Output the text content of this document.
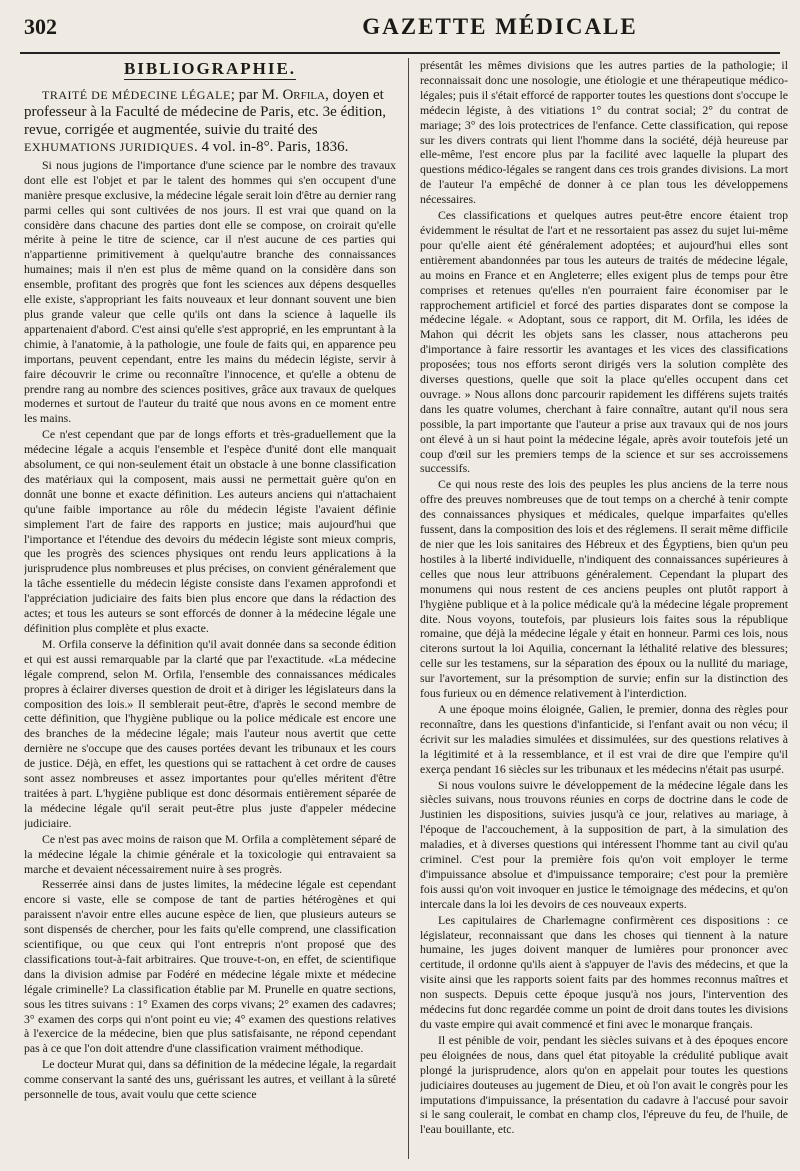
302	GAZETTE MÉDICALE
BIBLIOGRAPHIE.

TRAITÉ DE MÉDECINE LÉGALE; par M. Orfila, doyen et professeur à la Faculté de médecine de Paris, etc. 3e édition, revue, corrigée et augmentée, suivie du traité des EXHUMATIONS JURIDIQUES. 4 vol. in-8°. Paris, 1836.

Si nous jugions de l'importance d'une science par le nombre des travaux dont elle est l'objet et par le talent des hommes qui s'en occupent d'une manière presque exclusive, la médecine légale serait loin d'être au dernier rang parmi celles qui sont cultivées de nos jours. Il est vrai que quand on la considère dans chacune des parties dont elle se compose, on croirait qu'elle mérite à peine le titre de science, car il n'est aucune de ces parties qui n'appartienne primitivement à quelqu'autre branche des connaissances humaines; mais il n'en est plus de même quand on la considère dans son ensemble, profitant des progrès que font les sciences aux dépens desquelles elle existe, s'appropriant les faits nouveaux et leur donnant souvent une bien plus grande valeur que celle qu'ils ont dans la science à laquelle ils appartenaient d'abord. C'est ainsi qu'elle s'est approprié, en les empruntant à la chimie, à l'anatomie, à la pathologie, une foule de faits qui, en apparence peu importans, peuvent cependant, entre les mains du médecin légiste, servir à faire découvrir le crime ou reconnaître l'innocence, et qu'elle a obtenu de prendre rang au nombre des sciences positives, grâce aux travaux de quelques modernes et surtout de l'auteur du traité que nous avons en ce moment entre les mains.

Ce n'est cependant que par de longs efforts et très-graduellement que la médecine légale a acquis l'ensemble et l'espèce d'unité dont elle manquait absolument, ce qui non-seulement était un obstacle à une bonne classification des matériaux qui la composent, mais aussi ne permettait guère qu'on en donnât une bonne et exacte définition. Les auteurs anciens qui n'attachaient qu'une faible importance au rôle du médecin légiste l'avaient définie simplement l'art de faire des rapports en justice; mais aujourd'hui que l'importance et l'étendue des devoirs du médecin légiste sont mieux compris, que les progrès des sciences physiques ont rendu leurs applications à la jurisprudence plus nombreuses et plus précises, on convient généralement que la tâche essentielle du médecin légiste consiste dans l'examen approfondi et l'appréciation judiciaire des faits bien plus encore que dans la rédaction des actes; et tous les auteurs se sont efforcés de donner à la médecine légale une définition plus complète et plus exacte.

M. Orfila conserve la définition qu'il avait donnée dans sa seconde édition et qui est aussi remarquable par la clarté que par l'exactitude. «La médecine légale comprend, selon M. Orfila, l'ensemble des connaissances médicales propres à éclairer diverses question de droit et à diriger les législateurs dans la composition des lois.» Il semblerait peut-être, d'après le second membre de cette définition, que l'hygiène publique ou la police médicale est encore une des branches de la médecine légale; mais l'auteur nous avertit que cette dernière ne s'occupe que des causes portées devant les tribunaux et les cours de justice. Déjà, en effet, les questions qui se rattachent à cet ordre de causes sont assez nombreuses et assez importantes pour qu'elles méritent d'être traitées à part. L'hygiène publique est donc désormais entièrement séparée de la médecine légale qu'il serait peut-être plus juste d'appeler médecine judiciaire.

Ce n'est pas avec moins de raison que M. Orfila a complètement séparé de la médecine légale la chimie générale et la toxicologie qui entravaient sa marche et devaient nécessairement nuire à ses progrès.

Resserrée ainsi dans de justes limites, la médecine légale est cependant encore si vaste, elle se compose de tant de parties hétérogènes et qui paraissent n'avoir entre elles aucune espèce de lien, que plusieurs auteurs se sont dispensés de chercher, pour les faits qu'elle comprend, une classification scientifique, ou que ceux qui l'ont entrepris n'ont proposé que des classifications tout-à-fait arbitraires. Que trouve-t-on, en effet, de scientifique dans la division admise par Fodéré en médecine légale mixte et médecine légale criminelle? La classification établie par M. Prunelle en quatre sections, sous les titres suivans : 1° Examen des corps vivans; 2° examen des cadavres; 3° examen des corps qui n'ont point eu vie; 4° examen des questions relatives à l'exercice de la médecine, bien que plus satisfaisante, ne répond cependant pas à ce que l'on doit attendre d'une classification vraiment méthodique.

Le docteur Murat qui, dans sa définition de la médecine légale, la regardait comme conservant la santé des uns, guérissant les autres, et veillant à la sûreté personnelle de tous, avait voulu que cette science

présentât les mêmes divisions que les autres parties de la pathologie; il reconnaissait donc une nosologie, une étiologie et une thérapeutique médico-légales; puis il s'était efforcé de rapporter toutes les questions dont s'occupe le médecin légiste, à des vitiations 1° du contrat social; 2° du contrat de mariage; 3° des lois protectrices de l'enfance. Cette classification, qui repose sur les divers contrats qui lient l'homme dans la société, déjà heureuse par elle-même, l'est encore plus par la facilité avec laquelle la plupart des questions médico-légales se rangent dans ces trois grandes divisions. La mort de l'auteur l'a empêché de donner à ce plan tous les développemens nécessaires.

Ces classifications et quelques autres peut-être encore étaient trop évidemment le résultat de l'art et ne ressortaient pas assez du sujet lui-même pour qu'elle aient été généralement adoptées; et aujourd'hui elles sont entièrement abandonnées par tous les auteurs de traités de médecine légale, au moins en France et en Angleterre; elles exigent plus de temps pour être comprises et retenues qu'elles n'en pourraient faire économiser par le rapprochement artificiel et forcé des parties disparates dont se compose la médecine légale. « Adoptant, sous ce rapport, dit M. Orfila, les idées de Mahon qui décrit les objets sans les classer, nous attacherons peu d'importance à faire ressortir les avantages et les vices des classifications proposées; tous nos efforts seront dirigés vers la solution complète des diverses questions, quelle que soit la place qu'elles occupent dans cet ouvrage. » Nous allons donc parcourir rapidement les différens sujets traités dans les quatre volumes, cherchant à faire connaître, autant qu'il nous sera possible, la part importante que l'auteur a prise aux travaux qui de nos jours ont élevé à un si haut point la médecine légale, après avoir toutefois jeté un coup d'œil sur les premiers temps de la science et sur ses accroissemens successifs.

Ce qui nous reste des lois des peuples les plus anciens de la terre nous offre des preuves nombreuses que de tout temps on a cherché à tenir compte des connaissances physiques et médicales, quelque imparfaites qu'elles fussent, dans la composition des lois et des réglemens. Il serait même difficile de nier que les lois sanitaires des Hébreux et des Égyptiens, bien qu'un peu hostiles à la liberté individuelle, n'indiquent des connaissances supérieures à celles que nous leur attribuons généralement. Cependant la plupart des monumens qui nous restent de ces anciens peuples ont plutôt rapport à l'hygiène publique et à la police médicale qu'à la médecine légale proprement dite. Nous voyons, toutefois, par plusieurs lois faites sous la république romaine, que déjà la médecine légale y était en honneur. Parmi ces lois, nous citerons surtout la loi Aquilia, concernant la léthalité relative des blessures; celle sur les testamens, sur la séparation des époux ou la nullité du mariage, sur l'avortement, sur la présomption de survie; enfin sur la distinction des fous furieux ou en démence relativement à l'interdiction.

A une époque moins éloignée, Galien, le premier, donna des règles pour reconnaître, dans les questions d'infanticide, si l'enfant avait ou non vécu; il écrivit sur les maladies simulées et dissimulées, sur des questions relatives à la légitimité et à la ressemblance, et il est vrai de dire que l'empire qu'il exerça pendant 16 siècles sur les tribunaux et les médecins n'était pas usurpé.

Si nous voulons suivre le développement de la médecine légale dans les siècles suivans, nous trouvons réunies en corps de doctrine dans le code de Justinien les dispositions, suivies jusqu'à ce jour, relatives au mariage, à l'époque de l'accouchement, à la supposition de part, à la simulation des maladies, et à diverses questions qui intéressent l'homme tant au civil qu'au criminel. C'est pour la première fois qu'on voit employer le terme d'impuissance absolue et d'impuissance temporaire; c'est pour la première fois aussi qu'on voit invoquer en justice le témoignage des médecins, et qu'on intercale dans la loi les devoirs de ces nouveaux experts.

Les capitulaires de Charlemagne confirmèrent ces dispositions : ce législateur, reconnaissant que dans les choses qui tiennent à la nature humaine, les juges doivent manquer de lumières pour prononcer avec certitude, il ordonne qu'ils aient à s'appuyer de l'avis des médecins, et que la visite ainsi que les rapports soient faits par des hommes reconnus maîtres et non suspects. Depuis cette époque jusqu'à nos jours, l'intervention des médecins fut donc regardée comme un point de droit dans toutes les divisions du vaste empire qui avait commencé et fini avec le monarque français.

Il est pénible de voir, pendant les siècles suivans et à des époques encore peu éloignées de nous, dans quel état pitoyable la crédulité publique avait plongé la jurisprudence, alors qu'on en appelait pour toutes les questions judiciaires douteuses au jugement de Dieu, et où l'on avait le congrès pour les imputations d'impuissance, la présentation du cadavre à l'accusé pour savoir si le sang coulerait, le combat en champ clos, l'épreuve du feu, de l'huile, de l'eau bouillante, etc.
